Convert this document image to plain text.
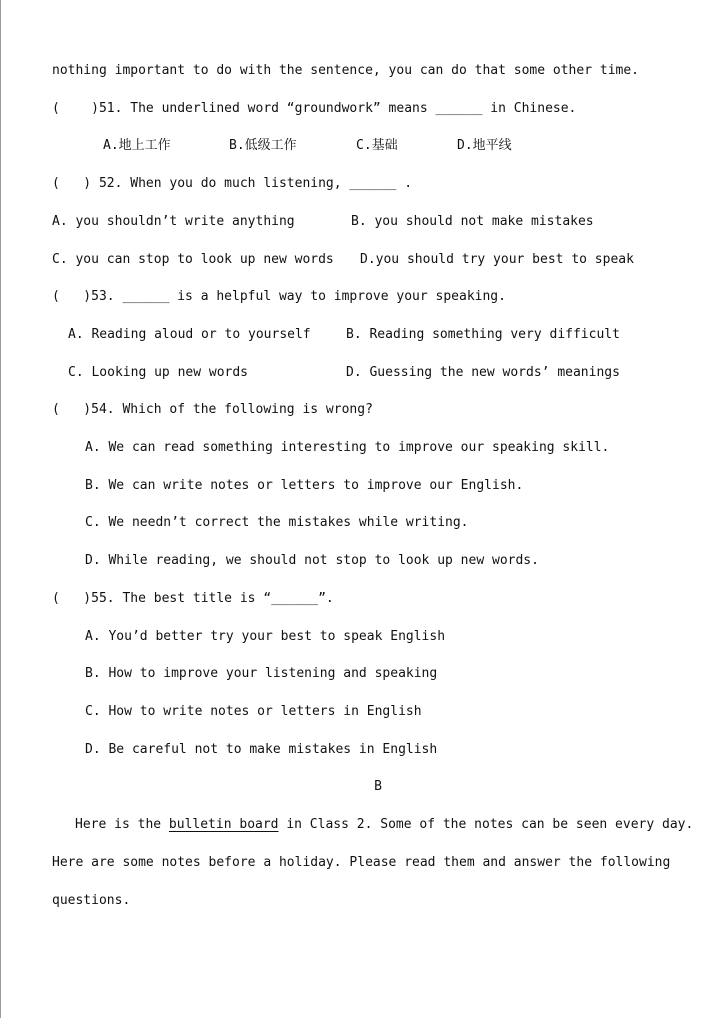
nothing important to do with the sentence, you can do that some other time.
(    )51. The underlined word “groundwork” means ______ in Chinese.
A.地上工作	B.低级工作	C.基础	D.地平线
(   ) 52. When you do much listening, ______ .
A. you shouldn’t write anything	B. you should not make mistakes
C. you can stop to look up new words D.you should try your best to speak
(   )53. ______ is a helpful way to improve your speaking.
A. Reading aloud or to yourself	B. Reading something very difficult
C. Looking up new words	D. Guessing the new words’ meanings
(   )54. Which of the following is wrong?
A. We can read something interesting to improve our speaking skill.
B. We can write notes or letters to improve our English.
C. We needn’t correct the mistakes while writing.
D. While reading, we should not stop to look up new words.
(   )55. The best title is “______”.
A. You’d better try your best to speak English
B. How to improve your listening and speaking
C. How to write notes or letters in English
D. Be careful not to make mistakes in English
B
Here is the bulletin board in Class 2. Some of the notes can be seen every day.
Here are some notes before a holiday. Please read them and answer the following
questions.
